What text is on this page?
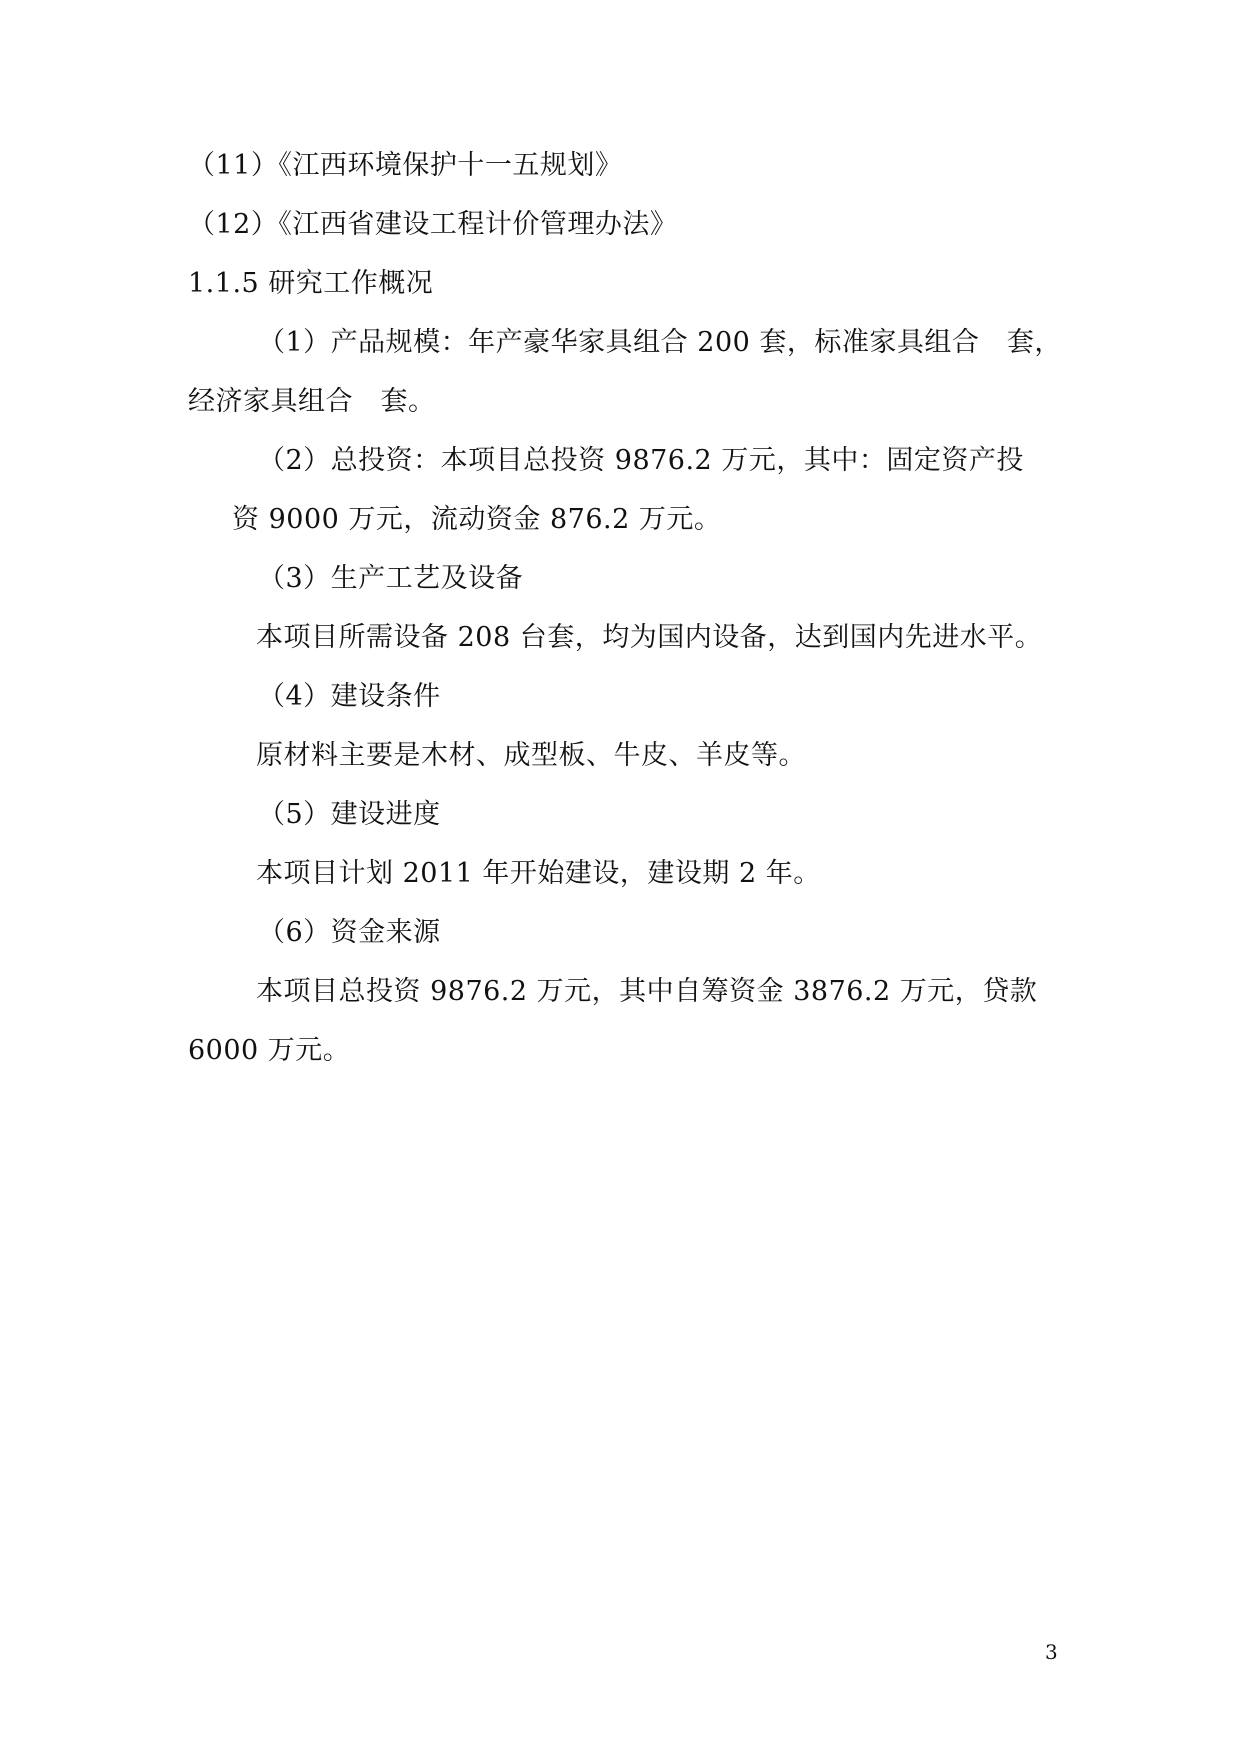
（11）《江西环境保护十一五规划》
（12）《江西省建设工程计价管理办法》
1.1.5 研究工作概况
（1）产品规模：年产豪华家具组合 200 套，标准家具组合　套，
经济家具组合　套。
（2）总投资：本项目总投资 9876.2 万元，其中：固定资产投
资 9000 万元，流动资金 876.2 万元。
（3）生产工艺及设备
本项目所需设备 208 台套，均为国内设备，达到国内先进水平。
（4）建设条件
原材料主要是木材、成型板、牛皮、羊皮等。
（5）建设进度
本项目计划 2011 年开始建设，建设期 2 年。
（6）资金来源
本项目总投资 9876.2 万元，其中自筹资金 3876.2 万元，贷款
6000 万元。
3
